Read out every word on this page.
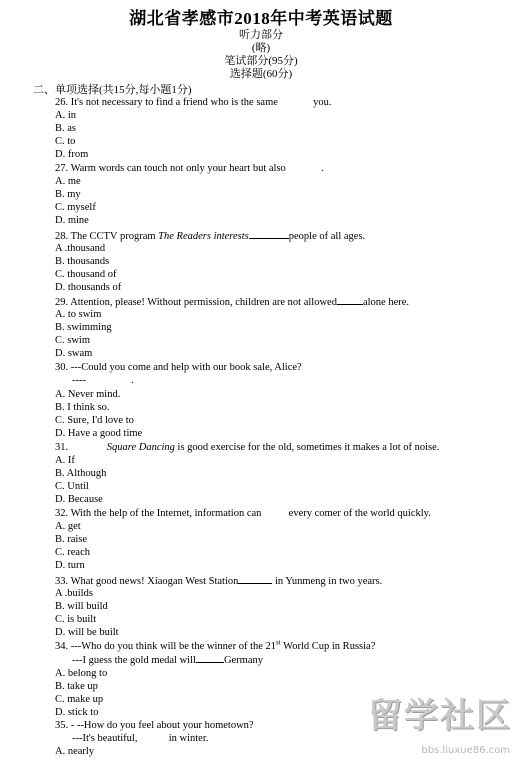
湖北省孝感市2018年中考英语试题
听力部分
(略)
笔试部分(95分)
选择题(60分)
二、单项选择(共15分,每小题1分)
26. It's not necessary to find a friend who is the same	you.
A. in
B. as
C. to
D. from
27. Warm words can touch not only your heart but also	.
A. me
B. my
C. myself
D. mine
28. The CCTV program The Readers interests	people of all ages.
A .thousand
B. thousands
C. thousand of
D. thousands of
29. Attention, please! Without permission, children are not allowed alone here.
A. to swim
B. swimming
C. swim
D. swam
30. ---Could you come and help with our book sale, Alice?
----	.
A. Never mind.
B. I think so.
C. Sure, I'd love to
D. Have a good time
31.	Square Dancing is good exercise for the old, sometimes it makes a lot of noise.
A. If
B. Although
C. Until
D. Because
32. With the help of the Internet, information can	every comer of the world quickly.
A. get
B. raise
C. reach
D. turn
33. What good news! Xiaogan West Station	in Yunmeng in two years.
A .builds
B. will build
C. is built
D. will be built
34. ---Who do you think will be the winner of the 21st World Cup in Russia?
---I guess the gold medal will	Germany
A. belong to
B. take up
C. make up
D. stick to
35. - --How do you feel about your hometown?
---It's beautiful,	in winter.
A. nearly
留学社区
bbs.liuxue86.com
